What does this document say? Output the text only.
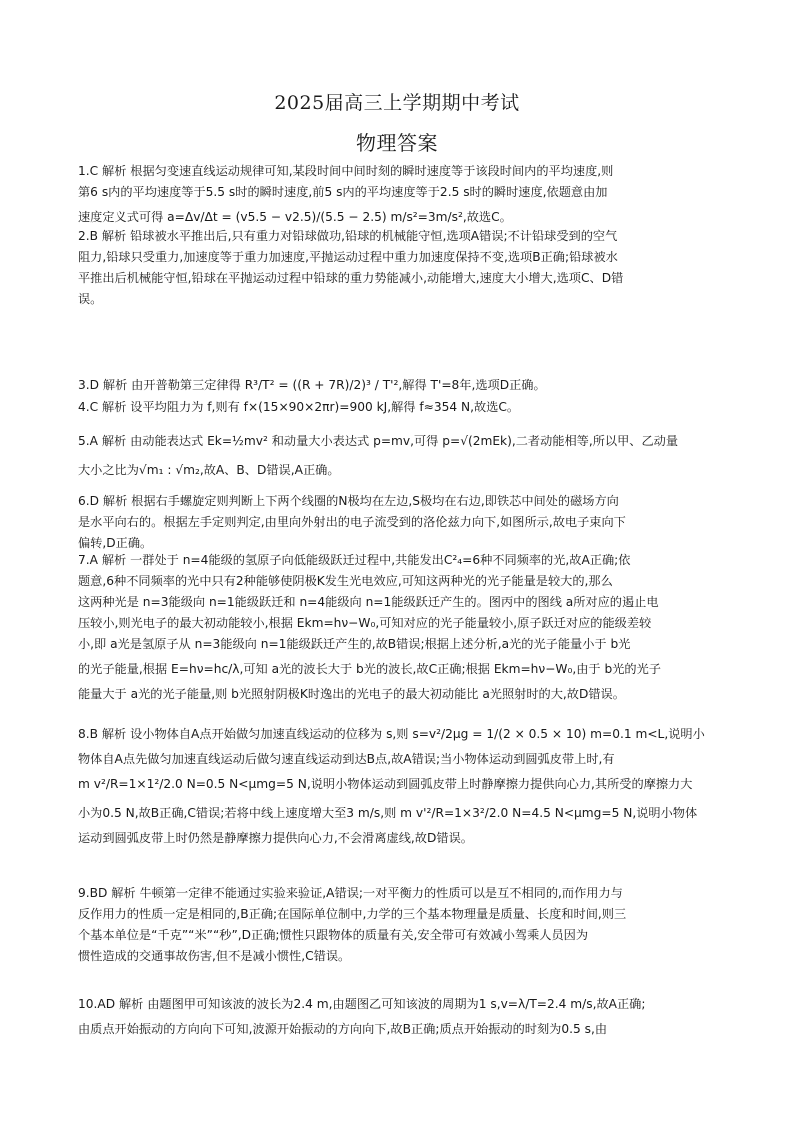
2025届高三上学期期中考试
物理答案
1.C 解析 根据匀变速直线运动规律可知,某段时间中间时刻的瞬时速度等于该段时间内的平均速度,则
第6 s内的平均速度等于5.5 s时的瞬时速度,前5 s内的平均速度等于2.5 s时的瞬时速度,依题意由加
速度定义式可得 a=Δv/Δt = (v5.5 − v2.5)/(5.5 − 2.5) m/s²=3m/s²,故选C。
2.B 解析 铅球被水平推出后,只有重力对铅球做功,铅球的机械能守恒,选项A错误;不计铅球受到的空气
阻力,铅球只受重力,加速度等于重力加速度,平抛运动过程中重力加速度保持不变,选项B正确;铅球被水
平推出后机械能守恒,铅球在平抛运动过程中铅球的重力势能减小,动能增大,速度大小增大,选项C、D错
误。
3.D 解析 由开普勒第三定律得 R³/T² = ((R + 7R)/2)³ / T'²,解得 T'=8年,选项D正确。
4.C 解析 设平均阻力为 f,则有 f×(15×90×2πr)=900 kJ,解得 f≈354 N,故选C。
5.A 解析 由动能表达式 Ek=½mv² 和动量大小表达式 p=mv,可得 p=√(2mEk),二者动能相等,所以甲、乙动量
大小之比为√m₁ : √m₂,故A、B、D错误,A正确。
6.D 解析 根据右手螺旋定则判断上下两个线圈的N极均在左边,S极均在右边,即铁芯中间处的磁场方向
是水平向右的。根据左手定则判定,由里向外射出的电子流受到的洛伦兹力向下,如图所示,故电子束向下
偏转,D正确。
7.A 解析 一群处于 n=4能级的氢原子向低能级跃迁过程中,共能发出C²₄=6种不同频率的光,故A正确;依
题意,6种不同频率的光中只有2种能够使阴极K发生光电效应,可知这两种光的光子能量是较大的,那么
这两种光是 n=3能级向 n=1能级跃迁和 n=4能级向 n=1能级跃迁产生的。图丙中的图线 a所对应的遏止电
压较小,则光电子的最大初动能较小,根据 Ekm=hν−W₀,可知对应的光子能量较小,原子跃迁对应的能级差较
小,即 a光是氢原子从 n=3能级向 n=1能级跃迁产生的,故B错误;根据上述分析,a光的光子能量小于 b光
的光子能量,根据 E=hν=hc/λ,可知 a光的波长大于 b光的波长,故C正确;根据 Ekm=hν−W₀,由于 b光的光子
能量大于 a光的光子能量,则 b光照射阴极K时逸出的光电子的最大初动能比 a光照射时的大,故D错误。
8.B 解析 设小物体自A点开始做匀加速直线运动的位移为 s,则 s=v²/2μg = 1/(2 × 0.5 × 10) m=0.1 m<L,说明小
物体自A点先做匀加速直线运动后做匀速直线运动到达B点,故A错误;当小物体运动到圆弧皮带上时,有
m v²/R=1×1²/2.0 N=0.5 N<μmg=5 N,说明小物体运动到圆弧皮带上时静摩擦力提供向心力,其所受的摩擦力大
小为0.5 N,故B正确,C错误;若将中线上速度增大至3 m/s,则 m v'²/R=1×3²/2.0 N=4.5 N<μmg=5 N,说明小物体
运动到圆弧皮带上时仍然是静摩擦力提供向心力,不会滑离虚线,故D错误。
9.BD 解析 牛顿第一定律不能通过实验来验证,A错误;一对平衡力的性质可以是互不相同的,而作用力与
反作用力的性质一定是相同的,B正确;在国际单位制中,力学的三个基本物理量是质量、长度和时间,则三
个基本单位是“千克”“米”“秒”,D正确;惯性只跟物体的质量有关,安全带可有效减小驾乘人员因为
惯性造成的交通事故伤害,但不是减小惯性,C错误。
10.AD 解析 由题图甲可知该波的波长为2.4 m,由题图乙可知该波的周期为1 s,v=λ/T=2.4 m/s,故A正确;
由质点开始振动的方向向下可知,波源开始振动的方向向下,故B正确;质点开始振动的时刻为0.5 s,由
